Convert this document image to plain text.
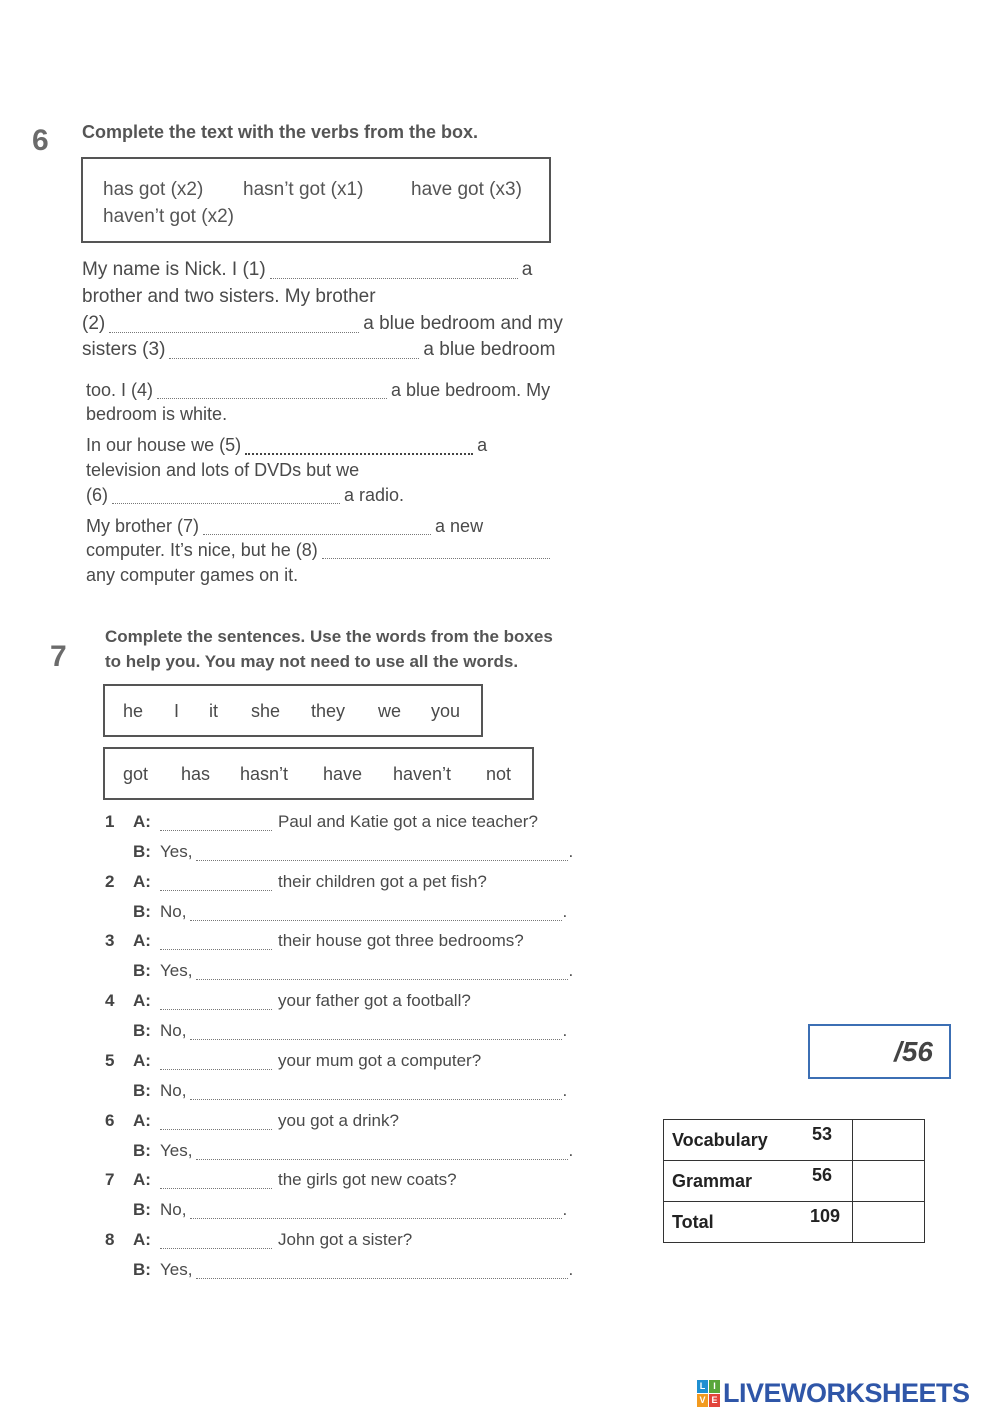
6 Complete the text with the verbs from the box.
has got (x2) hasn’t got (x1)	have got (x3)
haven’t got (x2)
My name is Nick. I (1)	a
brother and two sisters. My brother
(2)	a blue bedroom and my
sisters (3)	a blue bedroom
too. I (4)	a blue bedroom. My
bedroom is white.
In our house we (5)	a
television and lots of DVDs but we
(6)	a radio.
My brother (7)	a new
computer. It’s nice, but he (8)
any computer games on it.
7
Complete the sentences. Use the words from the boxes
to help you. You may not need to use all the words.
he I it she they we you
got has hasn’t have haven’t not
1 A:	Paul and Katie got a nice teacher?
B: Yes,	.
2 A:	their children got a pet fish?
B: No,	.
3 A:	their house got three bedrooms?
B: Yes,	.
4 A:	your father got a football?
B: No,	.
5 A:	your mum got a computer?
B: No,	.
6 A:	you got a drink?
B: Yes,	.
7 A:	the girls got new coats?
B: No,	.
8 A:	John got a sister?
B: Yes,	.
/56
Vocabulary 53	

Grammar 56	

Total 109	

L I
V E LIVEWORKSHEETS
